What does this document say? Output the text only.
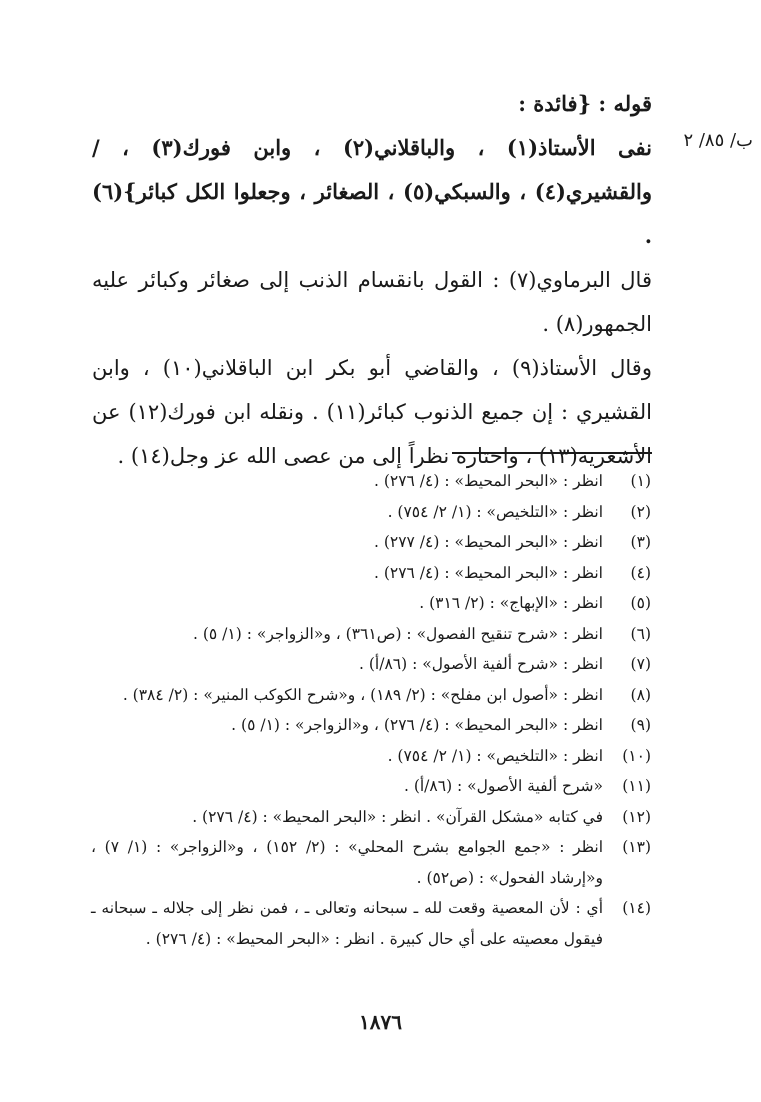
ب/ ٨٥/ ٢

قوله : {فائدة :

نفى الأستاذ(١) ، والباقلاني(٢) ، وابن فورك(٣) ، / والقشيري(٤) ، والسبكي(٥) ، الصغائر ، وجعلوا الكل كبائر}(٦) .

قال البرماوي(٧) : القول بانقسام الذنب إلى صغائر وكبائر عليه الجمهور(٨) .

وقال الأستاذ(٩) ، والقاضي أبو بكر ابن الباقلاني(١٠) ، وابن القشيري : إن جميع الذنوب كبائر(١١) . ونقله ابن فورك(١٢) عن الأشعرية(١٣) ، واختاره نظراً إلى من عصى الله عز وجل(١٤) .

(١)
انظر : «البحر المحيط» : (٤/ ٢٧٦) .
(٢)
انظر : «التلخيص» : (١/ ٢/ ٧٥٤) .
(٣)
انظر : «البحر المحيط» : (٤/ ٢٧٧) .
(٤)
انظر : «البحر المحيط» : (٤/ ٢٧٦) .
(٥)
انظر : «الإبهاج» : (٢/ ٣١٦) .
(٦)
انظر : «شرح تنقيح الفصول» : (ص٣٦١) ، و«الزواجر» : (١/ ٥) .
(٧)
انظر : «شرح ألفية الأصول» : (٨٦/أ) .
(٨)
انظر : «أصول ابن مفلح» : (٢/ ١٨٩) ، و«شرح الكوكب المنير» : (٢/ ٣٨٤) .
(٩)
انظر : «البحر المحيط» : (٤/ ٢٧٦) ، و«الزواجر» : (١/ ٥) .
(١٠)
انظر : «التلخيص» : (١/ ٢/ ٧٥٤) .
(١١)
«شرح ألفية الأصول» : (٨٦/أ) .
(١٢)
في كتابه «مشكل القرآن» . انظر : «البحر المحيط» : (٤/ ٢٧٦) .
(١٣)
انظر : «جمع الجوامع بشرح المحلي» : (٢/ ١٥٢) ، و«الزواجر» : (١/ ٧) ، و«إرشاد الفحول» : (ص٥٢) .
(١٤)
أي : لأن المعصية وقعت لله ـ سبحانه وتعالى ـ ، فمن نظر إلى جلاله ـ سبحانه ـ فيقول معصيته على أي حال كبيرة . انظر : «البحر المحيط» : (٤/ ٢٧٦) .
١٨٧٦
